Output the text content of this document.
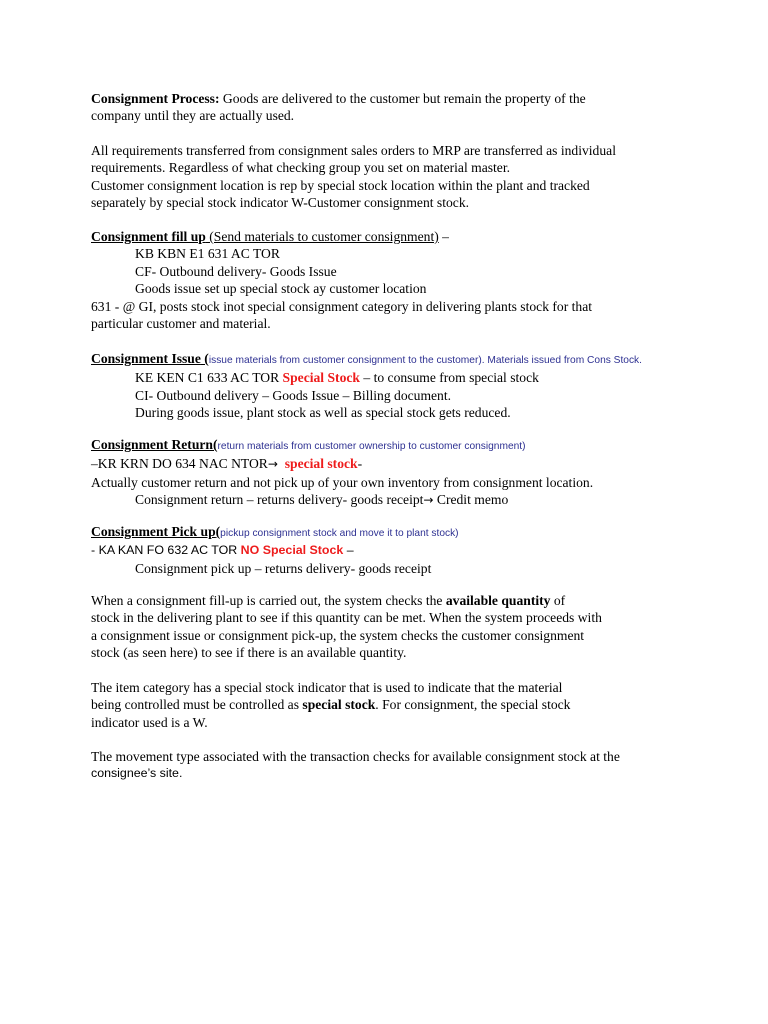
Consignment Process: Goods are delivered to the customer but remain the property of the
company until they are actually used.
All requirements transferred from consignment sales orders to MRP are transferred as individual
requirements. Regardless of what checking group you set on material master.
Customer consignment location is rep by special stock location within the plant and tracked
separately by special stock indicator W-Customer consignment stock.
Consignment fill up (Send materials to customer consignment) –
KB KBN E1 631 AC TOR
CF- Outbound delivery- Goods Issue
Goods issue set up special stock ay customer location
631 - @ GI, posts stock inot special consignment category in delivering plants stock for that
particular customer and material.
Consignment Issue (issue materials from customer consignment to the customer). Materials issued from Cons Stock.
KE KEN C1 633 AC TOR Special Stock – to consume from special stock
CI- Outbound delivery – Goods Issue – Billing document.
During goods issue, plant stock as well as special stock gets reduced.
Consignment Return(return materials from customer ownership to customer consignment)
–KR KRN DO 634 NAC NTOR→ special stock-
Actually customer return and not pick up of your own inventory from consignment location.
Consignment return – returns delivery- goods receipt→ Credit memo
Consignment Pick up(pickup consignment stock and move it to plant stock)
- KA KAN FO 632 AC TOR NO Special Stock –
Consignment pick up – returns delivery- goods receipt
When a consignment fill-up is carried out, the system checks the available quantity of
stock in the delivering plant to see if this quantity can be met. When the system proceeds with
a consignment issue or consignment pick-up, the system checks the customer consignment
stock (as seen here) to see if there is an available quantity.
The item category has a special stock indicator that is used to indicate that the material
being controlled must be controlled as special stock. For consignment, the special stock
indicator used is a W.
The movement type associated with the transaction checks for available consignment stock at the
consignee’s site.
